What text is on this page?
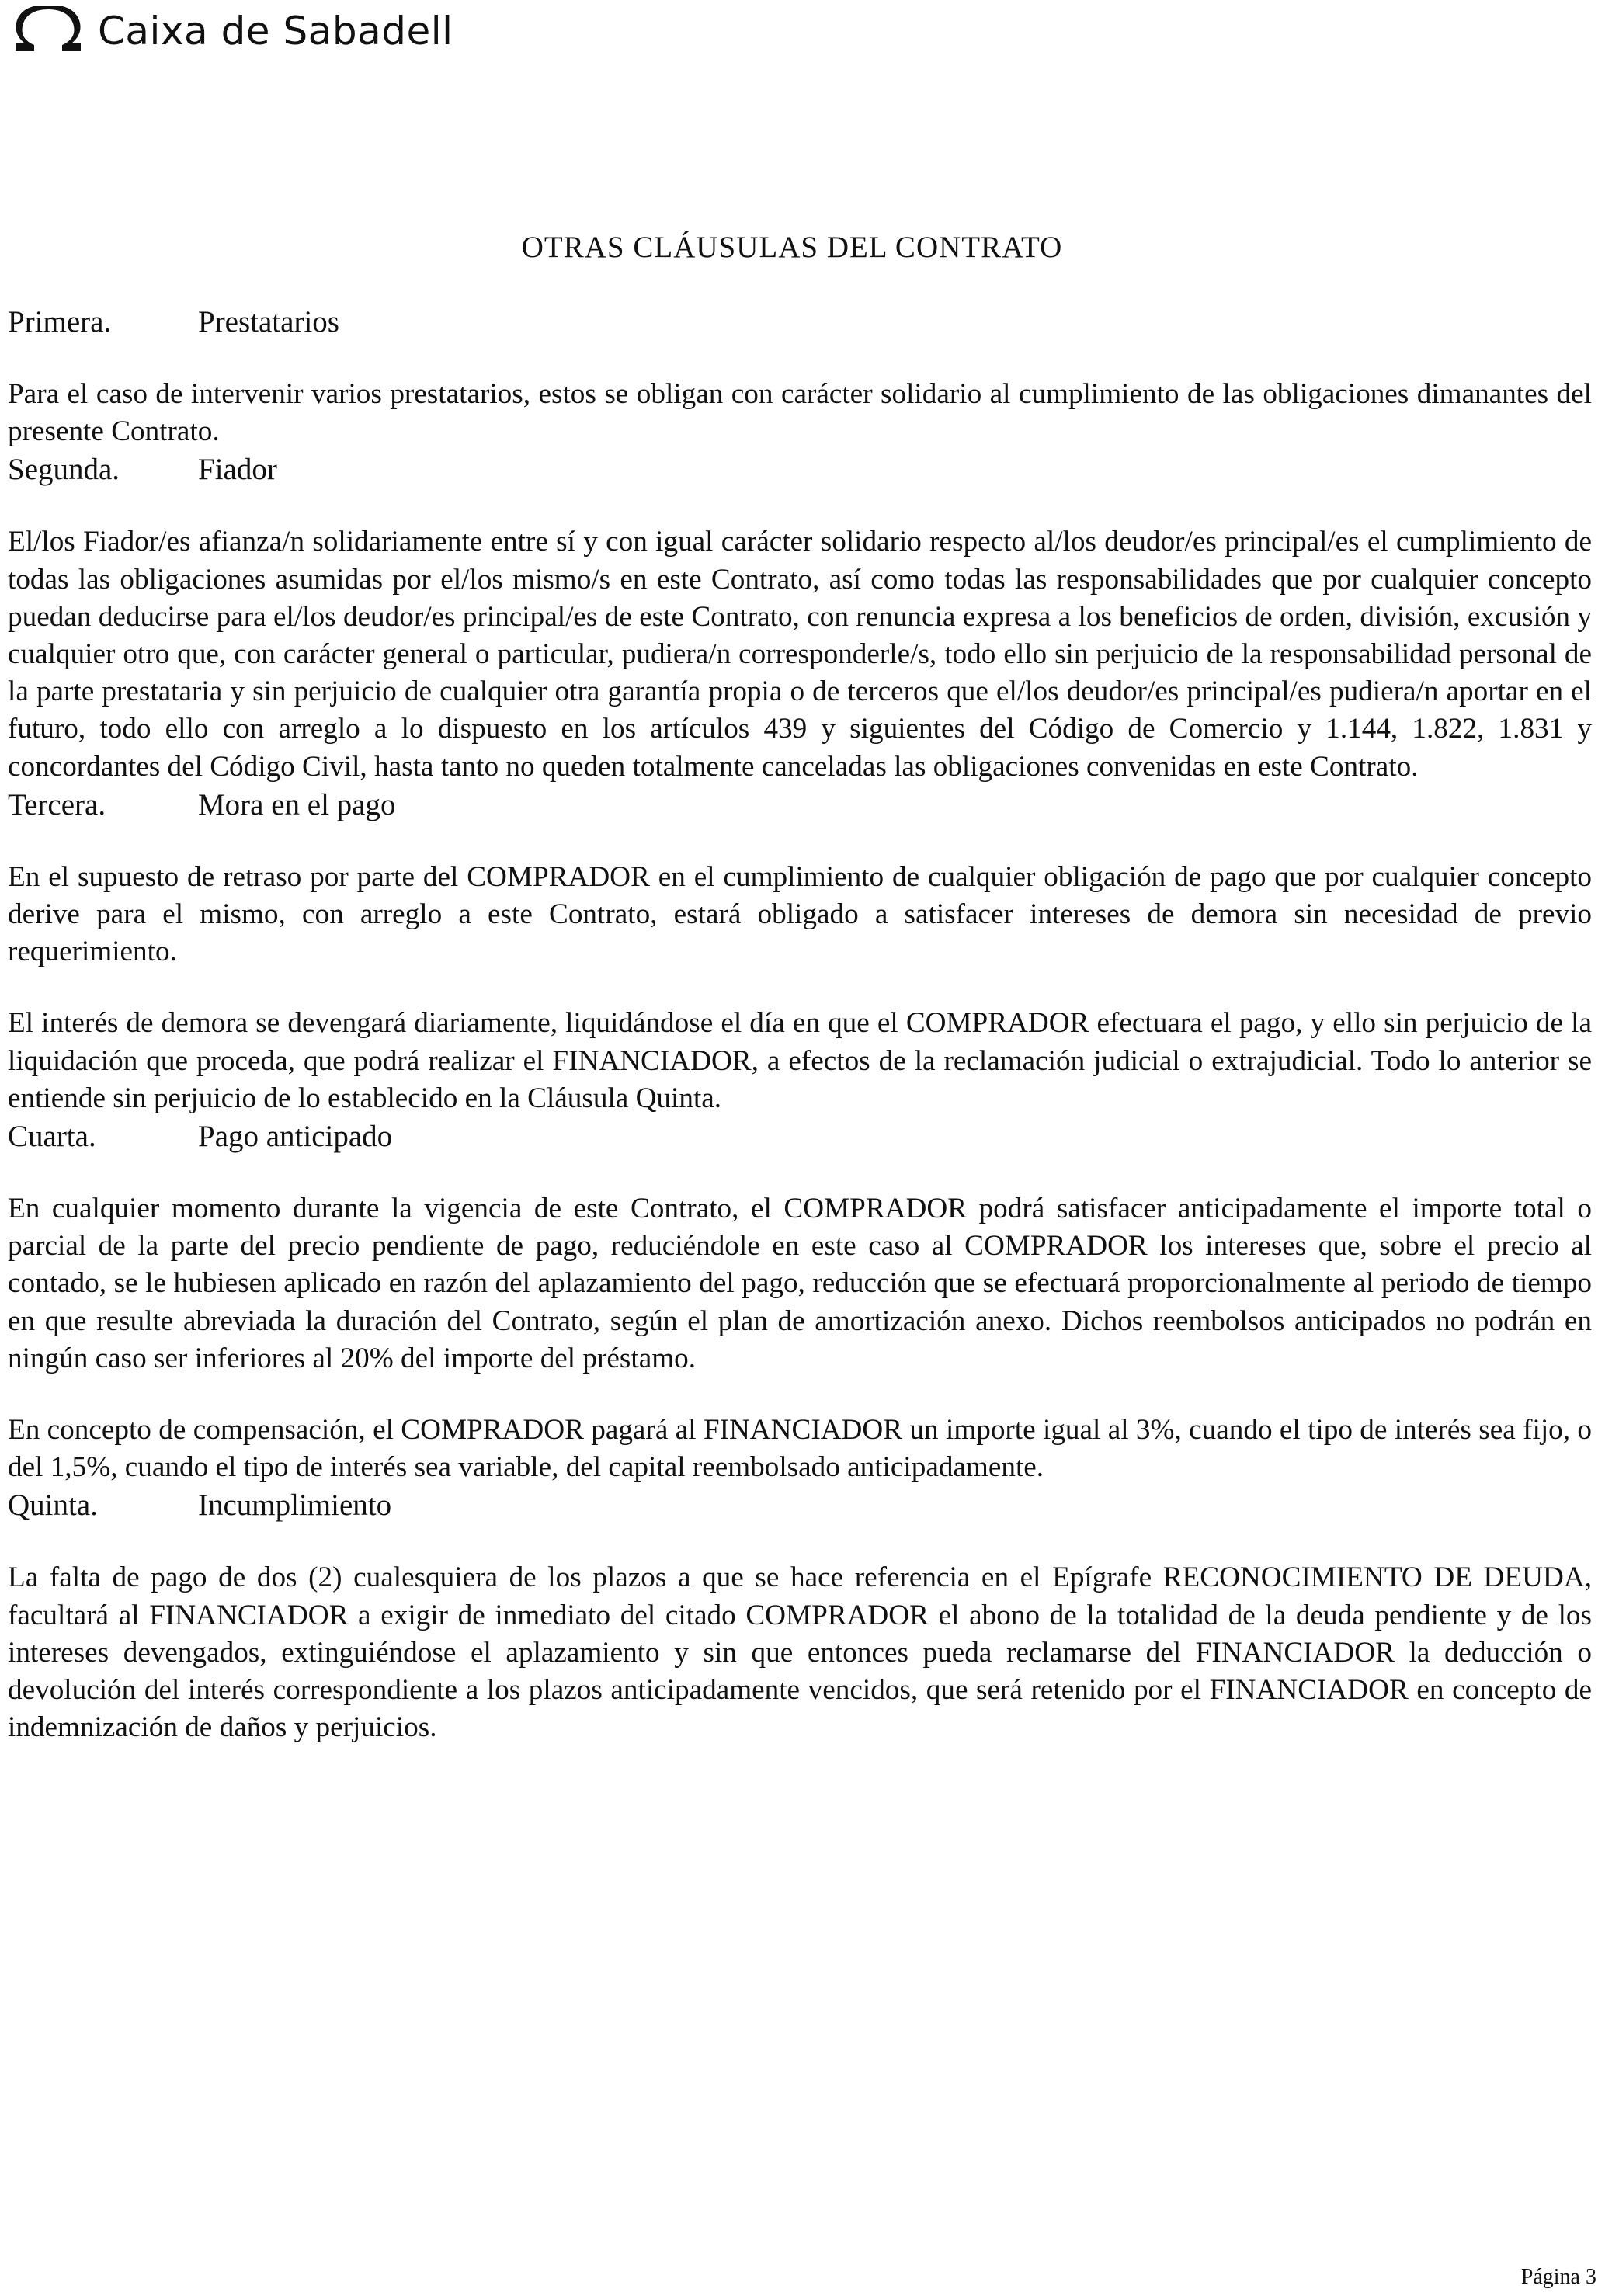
Caixa de Sabadell
OTRAS CLÁUSULAS DEL CONTRATO
Primera.	Prestatarios

Para el caso de intervenir varios prestatarios, estos se obligan con carácter solidario al cumplimiento de las obligaciones dimanantes del presente Contrato.

Segunda.	Fiador

El/los Fiador/es afianza/n solidariamente entre sí y con igual carácter solidario respecto al/los deudor/es principal/es el cumplimiento de todas las obligaciones asumidas por el/los mismo/s en este Contrato, así como todas las responsabilidades que por cualquier concepto puedan deducirse para el/los deudor/es principal/es de este Contrato, con renuncia expresa a los beneficios de orden, división, excusión y cualquier otro que, con carácter general o particular, pudiera/n corresponderle/s, todo ello sin perjuicio de la responsabilidad personal de la parte prestataria y sin perjuicio de cualquier otra garantía propia o de terceros que el/los deudor/es principal/es pudiera/n aportar en el futuro, todo ello con arreglo a lo dispuesto en los artículos 439 y siguientes del Código de Comercio y 1.144, 1.822, 1.831 y concordantes del Código Civil, hasta tanto no queden totalmente canceladas las obligaciones convenidas en este Contrato.

Tercera.	Mora en el pago

En el supuesto de retraso por parte del COMPRADOR en el cumplimiento de cualquier obligación de pago que por cualquier concepto derive para el mismo, con arreglo a este Contrato, estará obligado a satisfacer intereses de demora sin necesidad de previo requerimiento.

El interés de demora se devengará diariamente, liquidándose el día en que el COMPRADOR efectuara el pago, y ello sin perjuicio de la liquidación que proceda, que podrá realizar el FINANCIADOR, a efectos de la reclamación judicial o extrajudicial. Todo lo anterior se entiende sin perjuicio de lo establecido en la Cláusula Quinta.

Cuarta.	Pago anticipado

En cualquier momento durante la vigencia de este Contrato, el COMPRADOR podrá satisfacer anticipadamente el importe total o parcial de la parte del precio pendiente de pago, reduciéndole en este caso al COMPRADOR los intereses que, sobre el precio al contado, se le hubiesen aplicado en razón del aplazamiento del pago, reducción que se efectuará proporcionalmente al periodo de tiempo en que resulte abreviada la duración del Contrato, según el plan de amortización anexo. Dichos reembolsos anticipados no podrán en ningún caso ser inferiores al 20% del importe del préstamo.

En concepto de compensación, el COMPRADOR pagará al FINANCIADOR un importe igual al 3%, cuando el tipo de interés sea fijo, o del 1,5%, cuando el tipo de interés sea variable, del capital reembolsado anticipadamente.

Quinta.	Incumplimiento

La falta de pago de dos (2) cualesquiera de los plazos a que se hace referencia en el Epígrafe RECONOCIMIENTO DE DEUDA, facultará al FINANCIADOR a exigir de inmediato del citado COMPRADOR el abono de la totalidad de la deuda pendiente y de los intereses devengados, extinguiéndose el aplazamiento y sin que entonces pueda reclamarse del FINANCIADOR la deducción o devolución del interés correspondiente a los plazos anticipadamente vencidos, que será retenido por el FINANCIADOR en concepto de indemnización de daños y perjuicios.

Página 3
